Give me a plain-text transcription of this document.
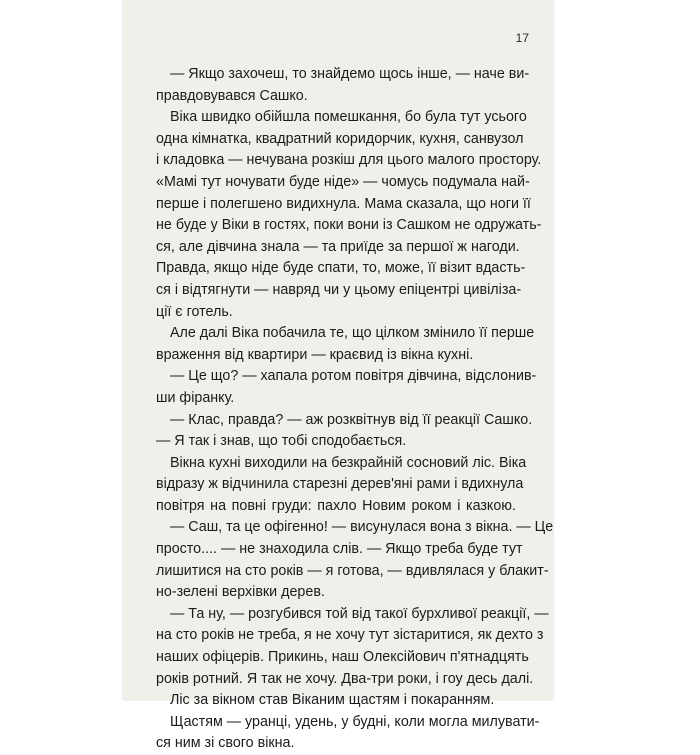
17
— Якщо захочеш, то знайдемо щось інше, — наче ви-
правдовувався Сашко.
Віка швидко обійшла помешкання, бо була тут усього
одна кімнатка, квадратний коридорчик, кухня, санвузол
і кладовка — нечувана розкіш для цього малого простору.
«Мамі тут ночувати буде ніде» — чомусь подумала най-
перше і полегшено видихнула. Мама сказала, що ноги її
не буде у Віки в гостях, поки вони із Сашком не одружать-
ся, але дівчина знала — та приїде за першої ж нагоди.
Правда, якщо ніде буде спати, то, може, її візит вдасть-
ся і відтягнути — навряд чи у цьому епіцентрі цивіліза-
ції є готель.
Але далі Віка побачила те, що цілком змінило її перше
враження від квартири — краєвид із вікна кухні.
— Це що? — хапала ротом повітря дівчина, відслонив-
ши фіранку.
— Клас, правда? — аж розквітнув від її реакції Сашко.
— Я так і знав, що тобі сподобається.
Вікна кухні виходили на безкрайній сосновий ліс. Віка
відразу ж відчинила старезні дерев'яні рами і вдихнула
повітря на повні груди: пахло Новим роком і казкою.
— Саш, та це офігенно! — висунулася вона з вікна. — Це
просто.... — не знаходила слів. — Якщо треба буде тут
лишитися на сто років — я готова, — вдивлялася у блакит-
но-зелені верхівки дерев.
— Та ну, — розгубився той від такої бурхливої реакції, —
на сто років не треба, я не хочу тут зістаритися, як дехто з
наших офіцерів. Прикинь, наш Олексійович п'ятнадцять
років ротний. Я так не хочу. Два-три роки, і гоу десь далі.
Ліс за вікном став Віканим щастям і покаранням.
Щастям — уранці, удень, у будні, коли могла милувати-
ся ним зі свого вікна.
